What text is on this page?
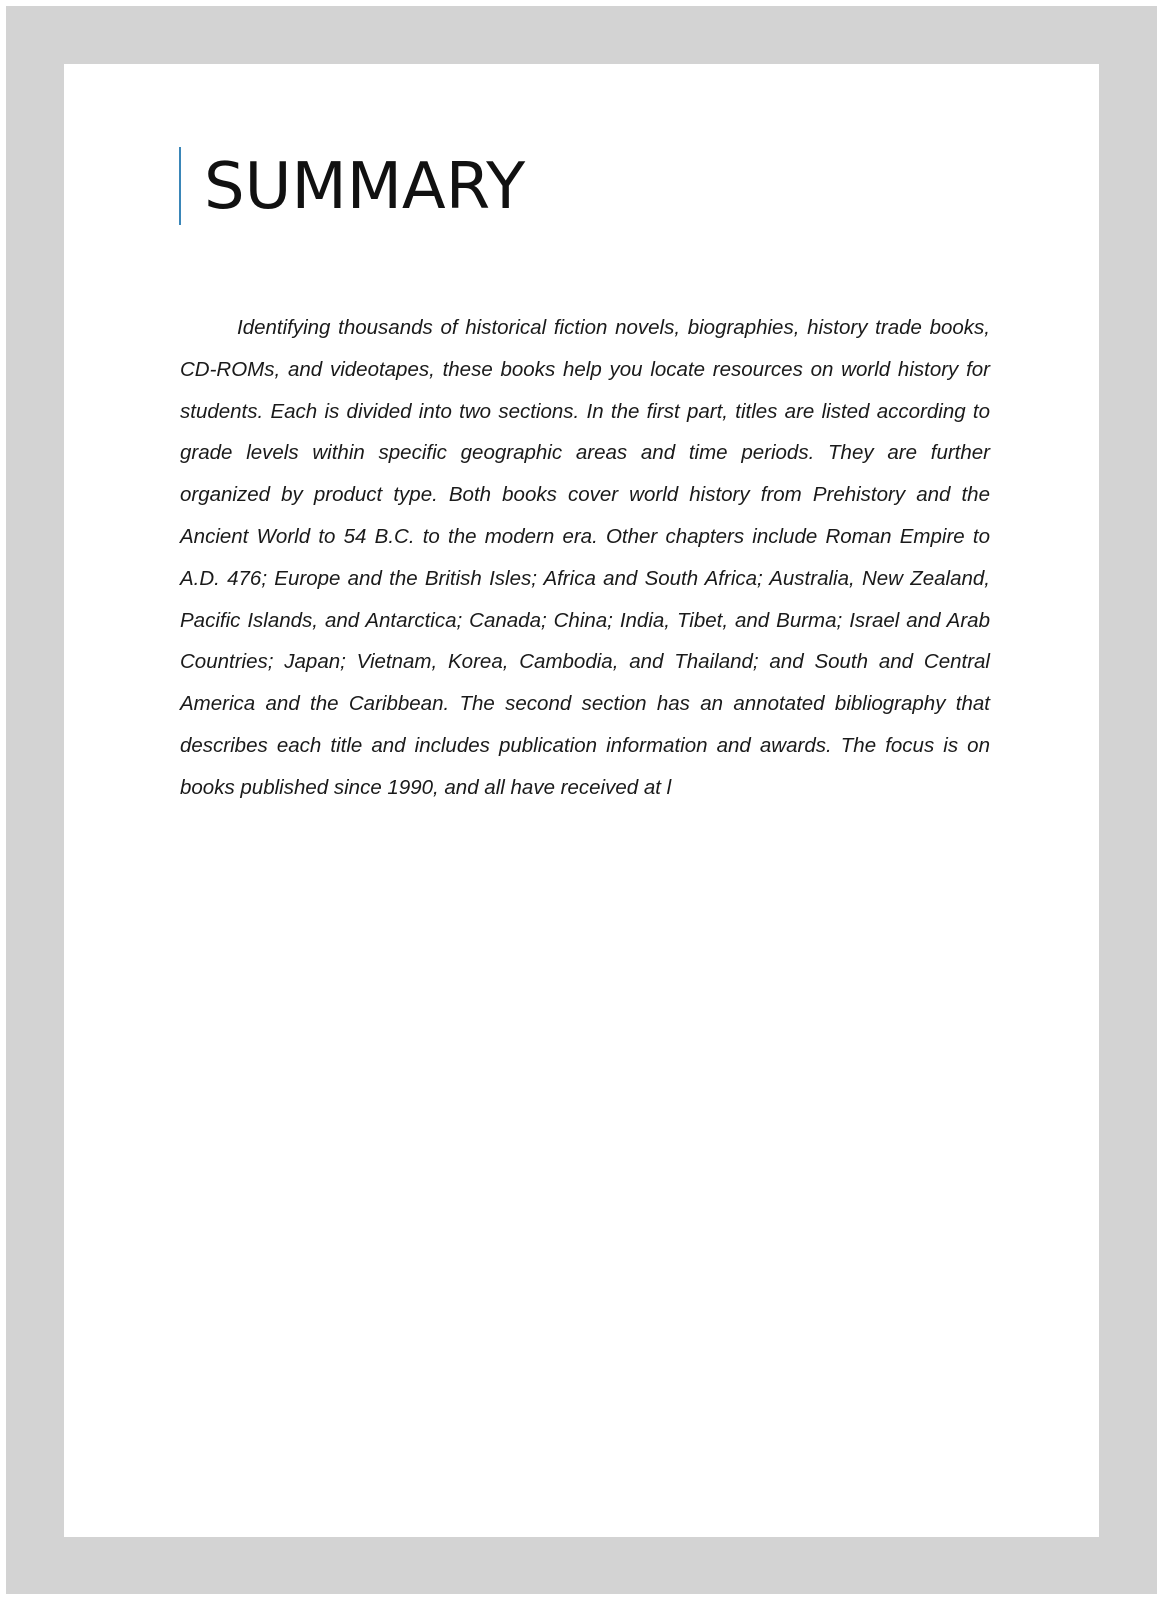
SUMMARY

Identifying thousands of historical fiction novels, biographies, history trade books, CD-ROMs, and videotapes, these books help you locate resources on world history for students. Each is divided into two sections. In the first part, titles are listed according to grade levels within specific geographic areas and time periods. They are further organized by product type. Both books cover world history from Prehistory and the Ancient World to 54 B.C. to the modern era. Other chapters include Roman Empire to A.D. 476; Europe and the British Isles; Africa and South Africa; Australia, New Zealand, Pacific Islands, and Antarctica; Canada; China; India, Tibet, and Burma; Israel and Arab Countries; Japan; Vietnam, Korea, Cambodia, and Thailand; and South and Central America and the Caribbean. The second section has an annotated bibliography that describes each title and includes publication information and awards. The focus is on books published since 1990, and all have received at l
